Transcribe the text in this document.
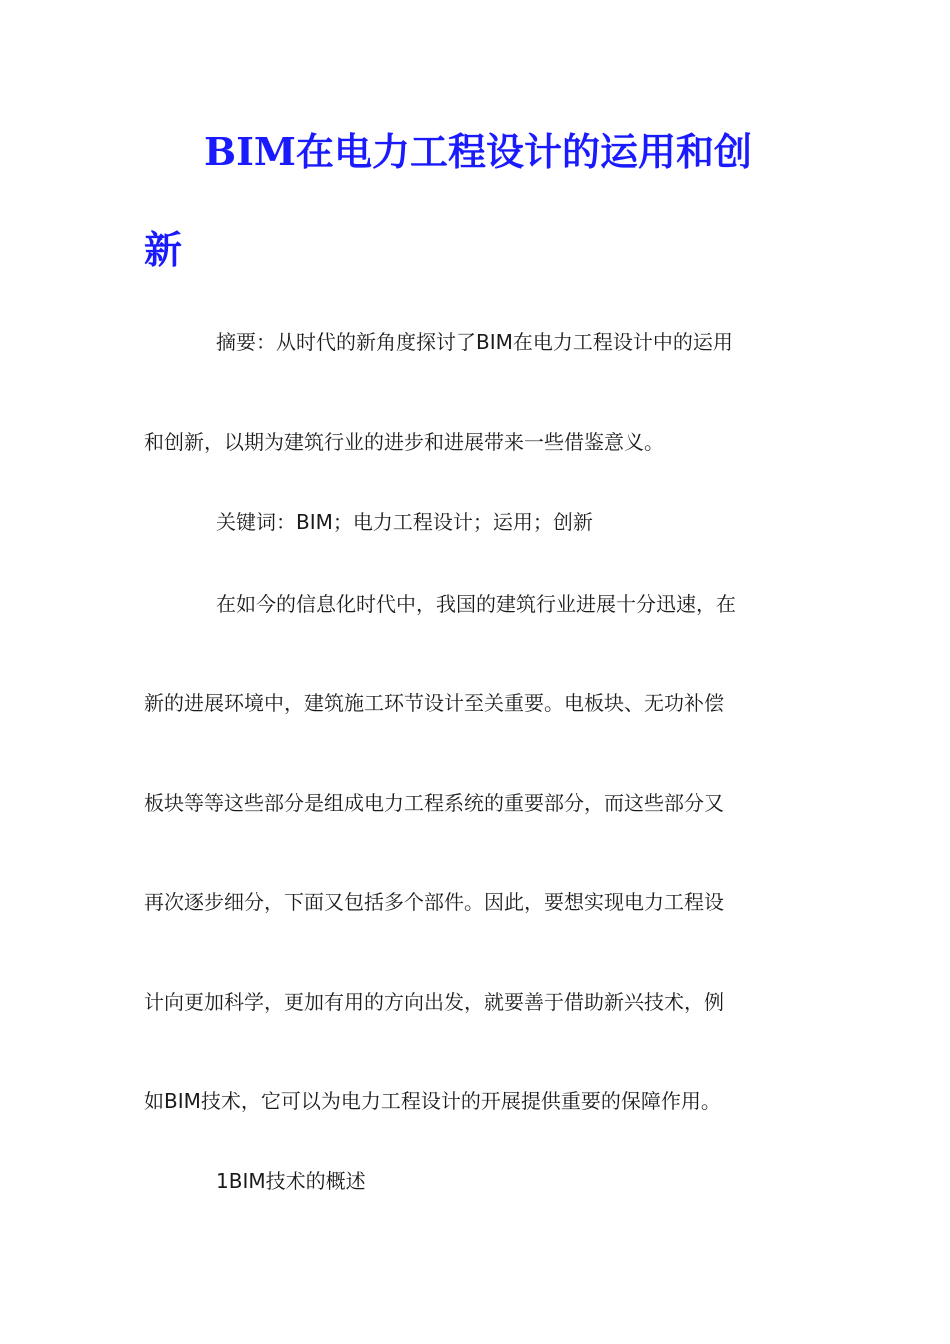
BIM在电力工程设计的运用和创
新
摘要：从时代的新角度探讨了BIM在电力工程设计中的运用
和创新，以期为建筑行业的进步和进展带来一些借鉴意义。
关键词：BIM；电力工程设计；运用；创新
在如今的信息化时代中，我国的建筑行业进展十分迅速，在
新的进展环境中，建筑施工环节设计至关重要。电板块、无功补偿
板块等等这些部分是组成电力工程系统的重要部分，而这些部分又
再次逐步细分，下面又包括多个部件。因此，要想实现电力工程设
计向更加科学，更加有用的方向出发，就要善于借助新兴技术，例
如BIM技术，它可以为电力工程设计的开展提供重要的保障作用。
1BIM技术的概述
